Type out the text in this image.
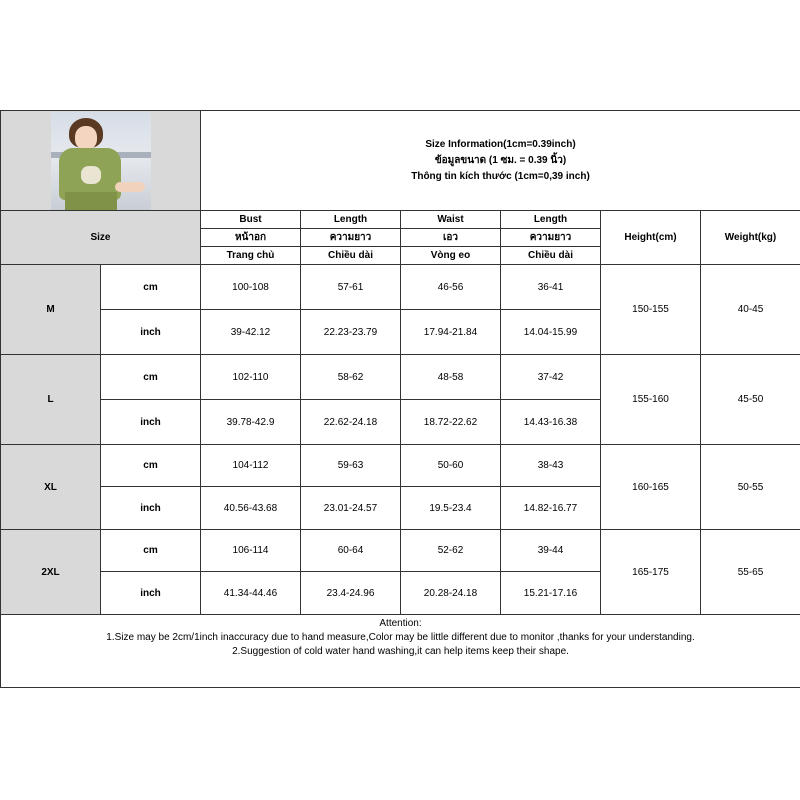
		Size Information(1cm=0.39inch)
ข้อมูลขนาด (1 ซม. = 0.39 นิ้ว)
Thông tin kích thước (1cm=0,39 inch)					

Size		Bust	Length	Waist	Length	Height(cm)	Weight(kg)
		หน้าอก	ความยาว	เอว	ความยาว		
		Trang chủ	Chiều dài	Vòng eo	Chiều dài		
M	cm	100-108	57-61	46-56	36-41	150-155	40-45
	inch	39-42.12	22.23-23.79	17.94-21.84	14.04-15.99		
L	cm	102-110	58-62	48-58	37-42	155-160	45-50
	inch	39.78-42.9	22.62-24.18	18.72-22.62	14.43-16.38		
XL	cm	104-112	59-63	50-60	38-43	160-165	50-55
	inch	40.56-43.68	23.01-24.57	19.5-23.4	14.82-16.77		
2XL	cm	106-114	60-64	52-62	39-44	165-175	55-65
	inch	41.34-44.46	23.4-24.96	20.28-24.18	15.21-17.16		

Attention:
1.Size may be 2cm/1inch inaccuracy due to hand measure,Color may be little different due to monitor ,thanks for your understanding.
2.Suggestion of cold water hand washing,it can help items keep their shape.							
